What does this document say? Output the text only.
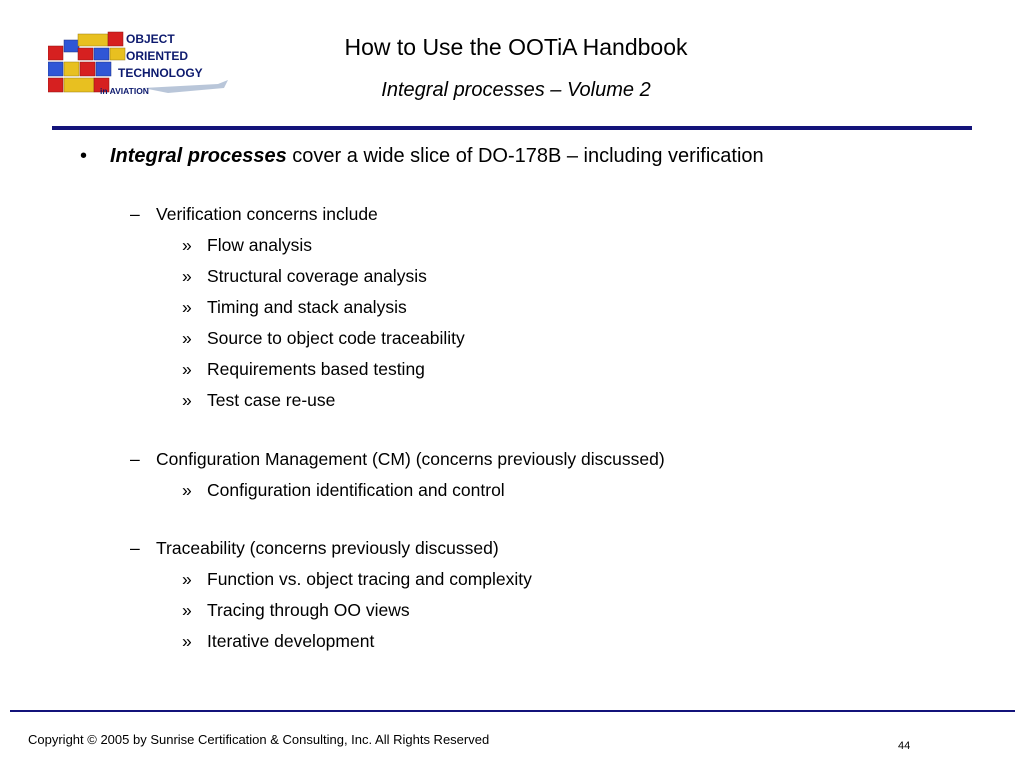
OBJECT
ORIENTED
TECHNOLOGY
in AVIATION
How to Use the OOTiA Handbook
Integral processes – Volume 2
• Integral processes cover a wide slice of DO-178B – including verification
– Verification concerns include
» Flow analysis
» Structural coverage analysis
» Timing and stack analysis
» Source to object code traceability
» Requirements based testing
» Test case re-use
– Configuration Management (CM) (concerns previously discussed)
» Configuration identification and control
– Traceability (concerns previously discussed)
» Function vs. object tracing and complexity
» Tracing through OO views
» Iterative development
Copyright © 2005 by Sunrise Certification & Consulting, Inc. All Rights Reserved	44
